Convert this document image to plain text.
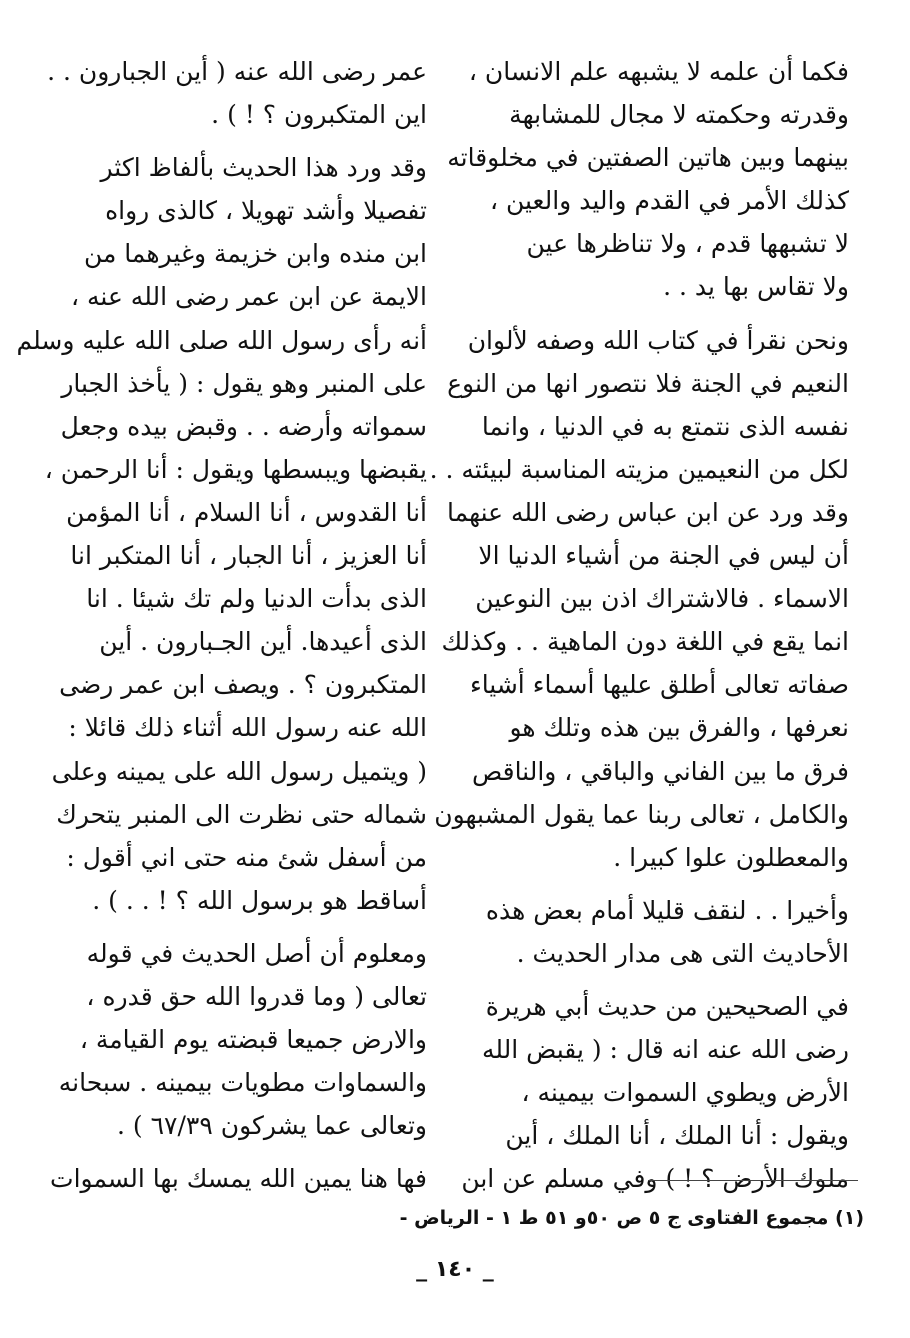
فكما أن علمه لا يشبهه علم الانسان ،
وقدرته وحكمته لا مجال للمشابهة
بينهما وبين هاتين الصفتين في مخلوقاته
كذلك الأمر في القدم واليد والعين ،
لا تشبهها قدم ، ولا تناظرها عين
ولا تقاس بها يد . .
ونحن نقرأ في كتاب الله وصفه لألوان
النعيم في الجنة فلا نتصور انها من النوع
نفسه الذى نتمتع به في الدنيا ، وانما
لكل من النعيمين مزيته المناسبة لبيئته . .
وقد ورد عن ابن عباس رضى الله عنهما
أن ليس في الجنة من أشياء الدنيا الا
الاسماء . فالاشتراك اذن بين النوعين
انما يقع في اللغة دون الماهية . . وكذلك
صفاته تعالى أطلق عليها أسماء أشياء
نعرفها ، والفرق بين هذه وتلك هو
فرق ما بين الفاني والباقي ، والناقص
والكامل ، تعالى ربنا عما يقول المشبهون
والمعطلون علوا كبيرا .
وأخيرا . . لنقف قليلا أمام بعض هذه
الأحاديث التى هى مدار الحديث .
في الصحيحين من حديث أبي هريرة
رضى الله عنه انه قال : ( يقبض الله
الأرض ويطوي السموات بيمينه ،
ويقول : أنا الملك ، أنا الملك ، أين
ملوك الأرض ؟ ! ) وفي مسلم عن ابن
عمر رضى الله عنه ( أين الجبارون . .
اين المتكبرون ؟ ! ) .
وقد ورد هذا الحديث بألفاظ اكثر
تفصيلا وأشد تهويلا ، كالذى رواه
ابن منده وابن خزيمة وغيرهما من
الايمة عن ابن عمر رضى الله عنه ،
أنه رأى رسول الله صلى الله عليه وسلم
على المنبر وهو يقول : ( يأخذ الجبار
سمواته وأرضه . . وقبض بيده وجعل
يقبضها ويبسطها ويقول : أنا الرحمن ،
أنا القدوس ، أنا السلام ، أنا المؤمن
أنا العزيز ، أنا الجبار ، أنا المتكبر انا
الذى بدأت الدنيا ولم تك شيئا . انا
الذى أعيدها. أين الجـبارون . أين
المتكبرون ؟ . ويصف ابن عمر رضى
الله عنه رسول الله أثناء ذلك قائلا :
( ويتميل رسول الله على يمينه وعلى
شماله حتى نظرت الى المنبر يتحرك
من أسفل شئ منه حتى اني أقول :
أساقط هو برسول الله ؟ ! . . ) .
ومعلوم أن أصل الحديث في قوله
تعالى ( وما قدروا الله حق قدره ،
والارض جميعا قبضته يوم القيامة ،
والسماوات مطويات بيمينه . سبحانه
وتعالى عما يشركون ٦٧/٣٩ ) .
فها هنا يمين الله يمسك بها السموات
(١) مجموع الفتاوى ج ٥ ص ٥٠و ٥١ ط ١ - الرياض -
_ ١٤٠ _
